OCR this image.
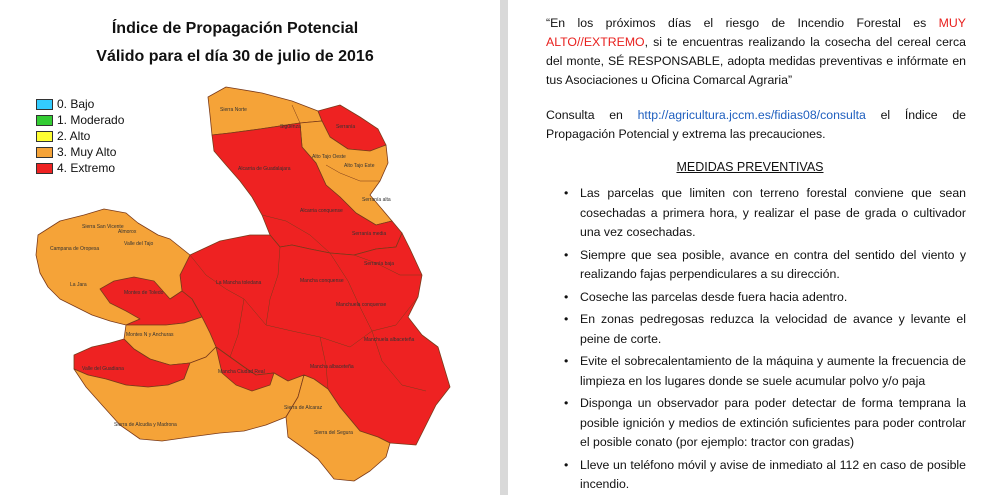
Índice de Propagación Potencial
Válido para el día 30 de julio de 2016
Sierra Norte
Sigüenza	Serranía
Alto Tajo Oeste
Alto Tajo Este
Alcarria de Guadalajara
Serranía alta
Alcarria conquense
Serranía media
Serranía baja
Sierra San Vicente
Almorox
Valle del Tajo
Campana de Oropesa
La Jara
Montes de Toledo
La Mancha toledana	Mancha conquense
Manchuela conquense
Montes N y Anchuras
Manchuela albaceteña
Valle del Guadiana	Mancha Ciudad Real
Mancha albaceteña
Sierra de Alcudia y Madrona
Sierra de Alcaraz
Sierra del Segura
0. Bajo
1. Moderado
2. Alto
3. Muy Alto
4. Extremo

“En los próximos días el riesgo de Incendio Forestal es MUY ALTO//EXTREMO, si te encuentras realizando la cosecha del cereal cerca del monte, SÉ RESPONSABLE, adopta medidas preventivas e infórmate en tus Asociaciones u Oficina Comarcal Agraria”

Consulta en http://agricultura.jccm.es/fidias08/consulta el Índice de Propagación Potencial y extrema las precauciones.

MEDIDAS PREVENTIVAS
• Las parcelas que limiten con terreno forestal conviene que sean cosechadas a primera hora, y realizar el pase de grada o cultivador una vez cosechadas.
• Siempre que sea posible, avance en contra del sentido del viento y realizando fajas perpendiculares a su dirección.
• Coseche las parcelas desde fuera hacia adentro.
• En zonas pedregosas reduzca la velocidad de avance y levante el peine de corte.
• Evite el sobrecalentamiento de la máquina y aumente la frecuencia de limpieza en los lugares donde se suele acumular polvo y/o paja
• Disponga un observador para poder detectar de forma temprana la posible ignición y medios de extinción suficientes para poder controlar el posible conato (por ejemplo: tractor con gradas)
• Lleve un teléfono móvil y avise de inmediato al 112 en caso de posible incendio.
